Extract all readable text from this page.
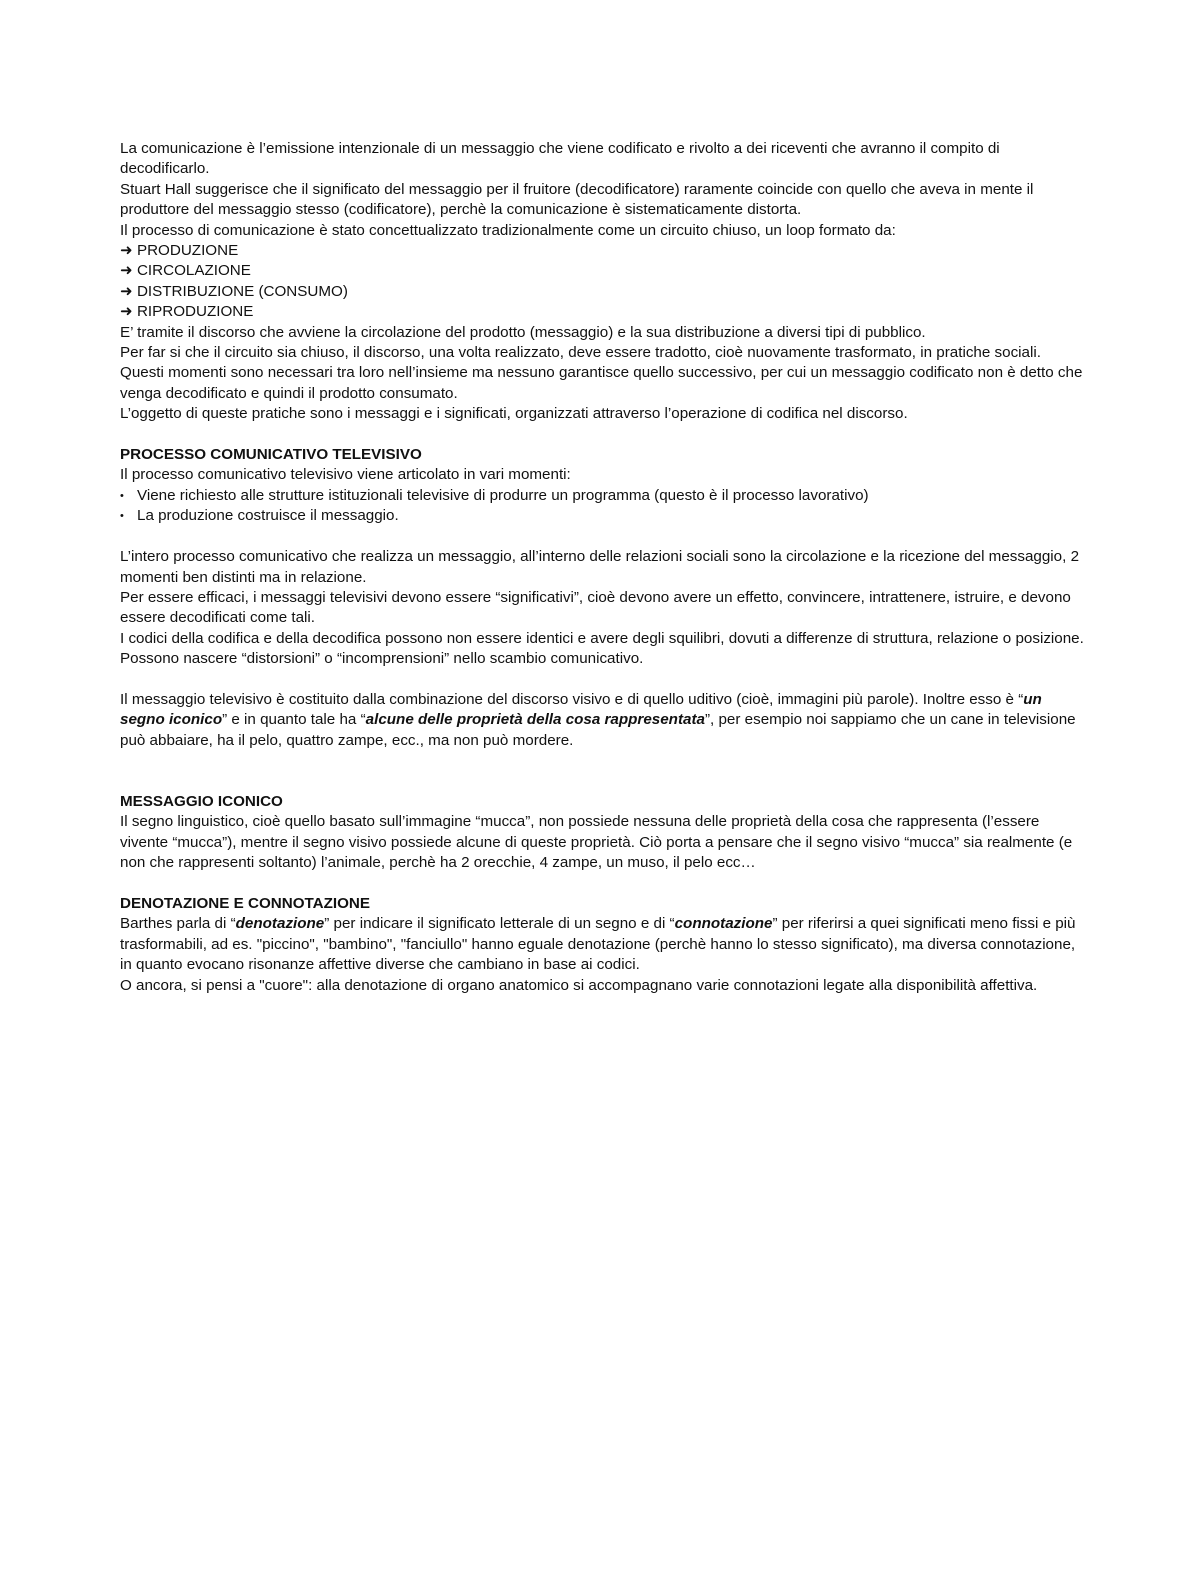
La comunicazione è l’emissione intenzionale di un messaggio che viene codificato e rivolto a dei riceventi che avranno il compito di decodificarlo.

Stuart Hall suggerisce che il significato del messaggio per il fruitore (decodificatore) raramente coincide con quello che aveva in mente il produttore del messaggio stesso (codificatore), perchè la comunicazione è sistematicamente distorta.

Il processo di comunicazione è stato concettualizzato tradizionalmente come un circuito chiuso, un loop formato da:

➜ PRODUZIONE

➜ CIRCOLAZIONE

➜ DISTRIBUZIONE (CONSUMO)

➜ RIPRODUZIONE

E’ tramite il discorso che avviene la circolazione del prodotto (messaggio) e la sua distribuzione a diversi tipi di pubblico.

Per far si che il circuito sia chiuso, il discorso, una volta realizzato, deve essere tradotto, cioè nuovamente trasformato, in pratiche sociali. Questi momenti sono necessari tra loro nell’insieme ma nessuno garantisce quello successivo, per cui un messaggio codificato non è detto che venga decodificato e quindi il prodotto consumato.

L’oggetto di queste pratiche sono i messaggi e i significati, organizzati attraverso l’operazione di codifica nel discorso.

PROCESSO COMUNICATIVO TELEVISIVO

Il processo comunicativo televisivo viene articolato in vari momenti:

• Viene richiesto alle strutture istituzionali televisive di produrre un programma (questo è il processo lavorativo)

• La produzione costruisce il messaggio.

L’intero processo comunicativo che realizza un messaggio, all’interno delle relazioni sociali sono la circolazione e la ricezione del messaggio, 2 momenti ben distinti ma in relazione.

Per essere efficaci, i messaggi televisivi devono essere “significativi”, cioè devono avere un effetto, convincere, intrattenere, istruire, e devono essere decodificati come tali.

I codici della codifica e della decodifica possono non essere identici e avere degli squilibri, dovuti a differenze di struttura, relazione o posizione. Possono nascere “distorsioni” o “incomprensioni” nello scambio comunicativo.

Il messaggio televisivo è costituito dalla combinazione del discorso visivo e di quello uditivo (cioè, immagini più parole). Inoltre esso è “un segno iconico” e in quanto tale ha “alcune delle proprietà della cosa rappresentata”, per esempio noi sappiamo che un cane in televisione può abbaiare, ha il pelo, quattro zampe, ecc., ma non può mordere.

MESSAGGIO ICONICO

Il segno linguistico, cioè quello basato sull’immagine “mucca”, non possiede nessuna delle proprietà della cosa che rappresenta (l’essere vivente “mucca”), mentre il segno visivo possiede alcune di queste proprietà. Ciò porta a pensare che il segno visivo “mucca” sia realmente (e non che rappresenti soltanto) l’animale, perchè ha 2 orecchie, 4 zampe, un muso, il pelo ecc…

DENOTAZIONE E CONNOTAZIONE

Barthes parla di “denotazione” per indicare il significato letterale di un segno e di “connotazione” per riferirsi a quei significati meno fissi e più trasformabili, ad es. "piccino", "bambino", "fanciullo" hanno eguale denotazione (perchè hanno lo stesso significato), ma diversa connotazione, in quanto evocano risonanze affettive diverse che cambiano in base ai codici.

O ancora, si pensi a "cuore": alla denotazione di organo anatomico si accompagnano varie connotazioni legate alla disponibilità affettiva.
